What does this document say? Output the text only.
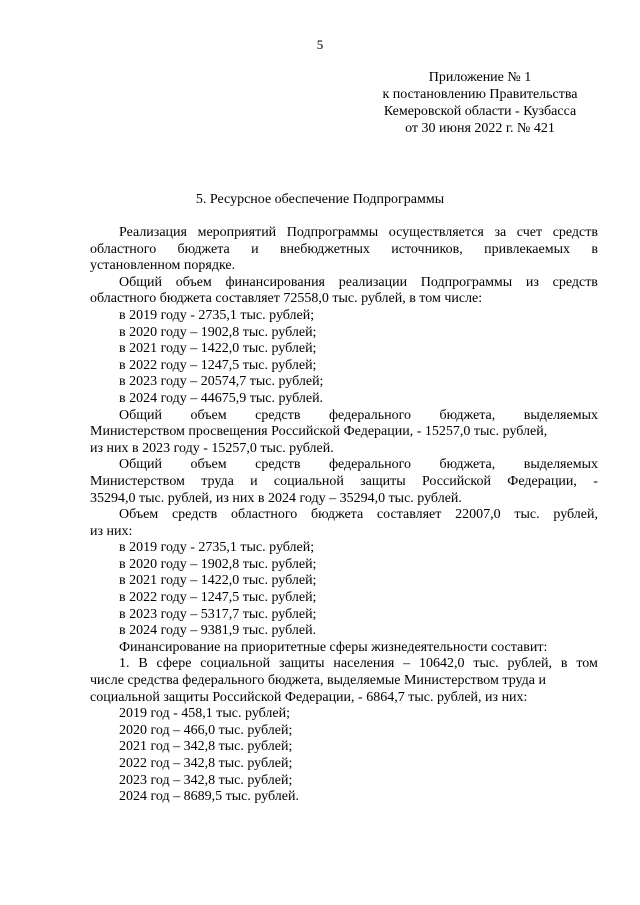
5
Приложение № 1
к постановлению Правительства
Кемеровской области - Кузбасса
от 30 июня 2022 г. № 421
5. Ресурсное обеспечение Подпрограммы
Реализация мероприятий Подпрограммы осуществляется за счет средств
областного бюджета и внебюджетных источников, привлекаемых в
установленном порядке.
Общий объем финансирования реализации Подпрограммы из средств
областного бюджета составляет 72558,0 тыс. рублей, в том числе:
в 2019 году - 2735,1 тыс. рублей;
в 2020 году – 1902,8 тыс. рублей;
в 2021 году – 1422,0 тыс. рублей;
в 2022 году – 1247,5 тыс. рублей;
в 2023 году – 20574,7 тыс. рублей;
в 2024 году – 44675,9 тыс. рублей.
Общий объем средств федерального бюджета, выделяемых
Министерством просвещения Российской Федерации, - 15257,0 тыс. рублей,
из них в 2023 году - 15257,0 тыс. рублей.
Общий объем средств федерального бюджета, выделяемых
Министерством труда и социальной защиты Российской Федерации, -
35294,0 тыс. рублей, из них в 2024 году – 35294,0 тыс. рублей.
Объем средств областного бюджета составляет 22007,0 тыс. рублей,
из них:
в 2019 году - 2735,1 тыс. рублей;
в 2020 году – 1902,8 тыс. рублей;
в 2021 году – 1422,0 тыс. рублей;
в 2022 году – 1247,5 тыс. рублей;
в 2023 году – 5317,7 тыс. рублей;
в 2024 году – 9381,9 тыс. рублей.
Финансирование на приоритетные сферы жизнедеятельности составит:
1. В сфере социальной защиты населения – 10642,0 тыс. рублей, в том
числе средства федерального бюджета, выделяемые Министерством труда и
социальной защиты Российской Федерации, - 6864,7 тыс. рублей, из них:
2019 год - 458,1 тыс. рублей;
2020 год – 466,0 тыс. рублей;
2021 год – 342,8 тыс. рублей;
2022 год – 342,8 тыс. рублей;
2023 год – 342,8 тыс. рублей;
2024 год – 8689,5 тыс. рублей.
